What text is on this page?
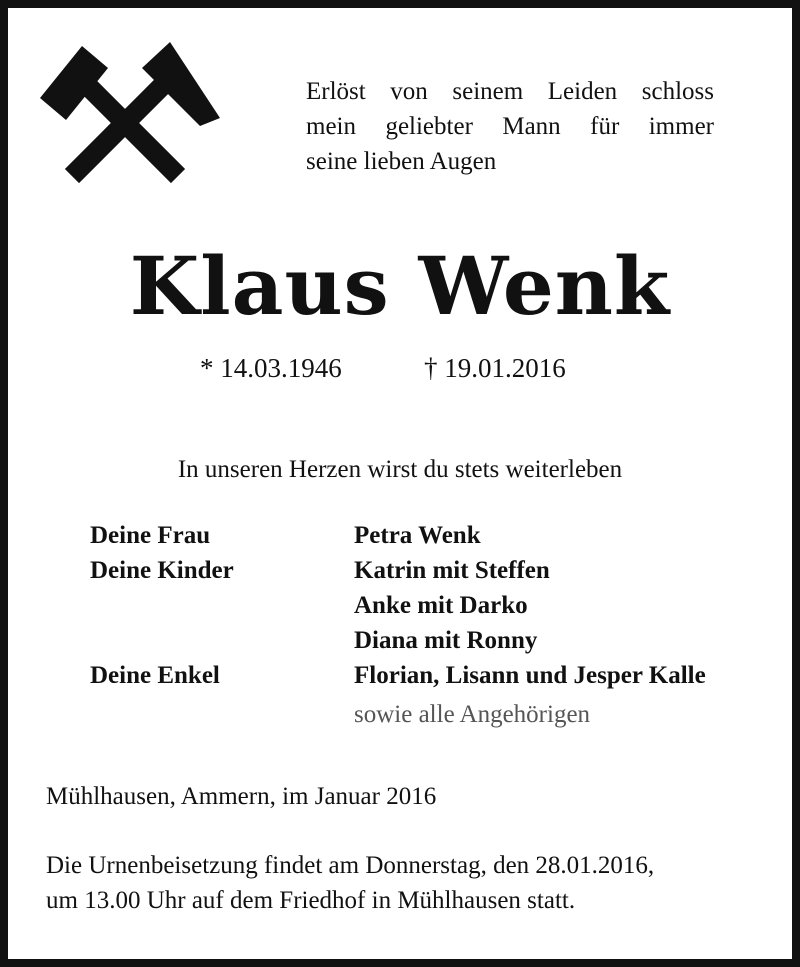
Erlöst von seinem Leiden schloss
mein geliebter Mann für immer
seine lieben Augen
Klaus Wenk
* 14.03.1946	† 19.01.2016
In unseren Herzen wirst du stets weiterleben
Deine Frau	Petra Wenk
Deine Kinder	Katrin mit Steffen
Anke mit Darko
Diana mit Ronny
Deine Enkel	Florian, Lisann und Jesper Kalle
sowie alle Angehörigen
Mühlhausen, Ammern, im Januar 2016
Die Urnenbeisetzung findet am Donnerstag, den 28.01.2016,
um 13.00 Uhr auf dem Friedhof in Mühlhausen statt.
